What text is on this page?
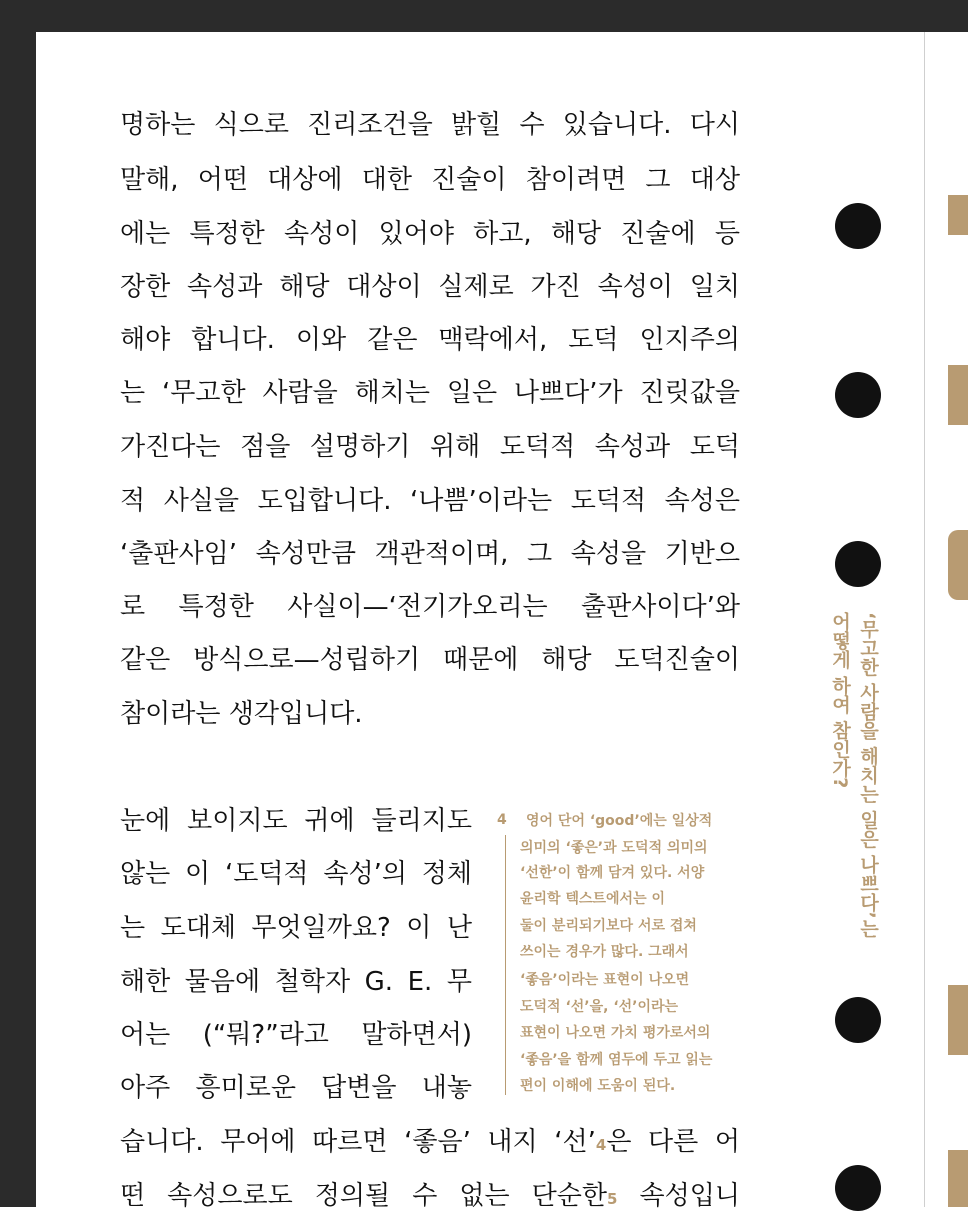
명하는 식으로 진리조건을 밝힐 수 있습니다. 다시
말해, 어떤 대상에 대한 진술이 참이려면 그 대상
에는 특정한 속성이 있어야 하고, 해당 진술에 등
장한 속성과 해당 대상이 실제로 가진 속성이 일치
해야 합니다. 이와 같은 맥락에서, 도덕 인지주의
는 ‘무고한 사람을 해치는 일은 나쁘다’가 진릿값을
가진다는 점을 설명하기 위해 도덕적 속성과 도덕
적 사실을 도입합니다. ‘나쁨’이라는 도덕적 속성은
‘출판사임’ 속성만큼 객관적이며, 그 속성을 기반으
로 특정한 사실이—‘전기가오리는 출판사이다’와
같은 방식으로—성립하기 때문에 해당 도덕진술이
참이라는 생각입니다.
눈에 보이지도 귀에 들리지도
않는 이 ‘도덕적 속성’의 정체
는 도대체 무엇일까요? 이 난
해한 물음에 철학자 G. E. 무
어는 (“뭐?”라고 말하면서)
아주 흥미로운 답변을 내놓
습니다. 무어에 따르면 ‘좋음’ 내지 ‘선’4은 다른 어
떤 속성으로도 정의될 수 없는 단순한5 속성입니
4 영어 단어 ‘good’에는 일상적
의미의 ‘좋은’과 도덕적 의미의
‘선한’이 함께 담겨 있다. 서양
윤리학 텍스트에서는 이
둘이 분리되기보다 서로 겹쳐
쓰이는 경우가 많다. 그래서
‘좋음’이라는 표현이 나오면
도덕적 ‘선’을, ‘선’이라는
표현이 나오면 가치 평가로서의
‘좋음’을 함께 염두에 두고 읽는
편이 이해에 도움이 된다.
‘무고한 사람을 해치는 일은 나쁘다’는
어떻게 하여 참인가?
